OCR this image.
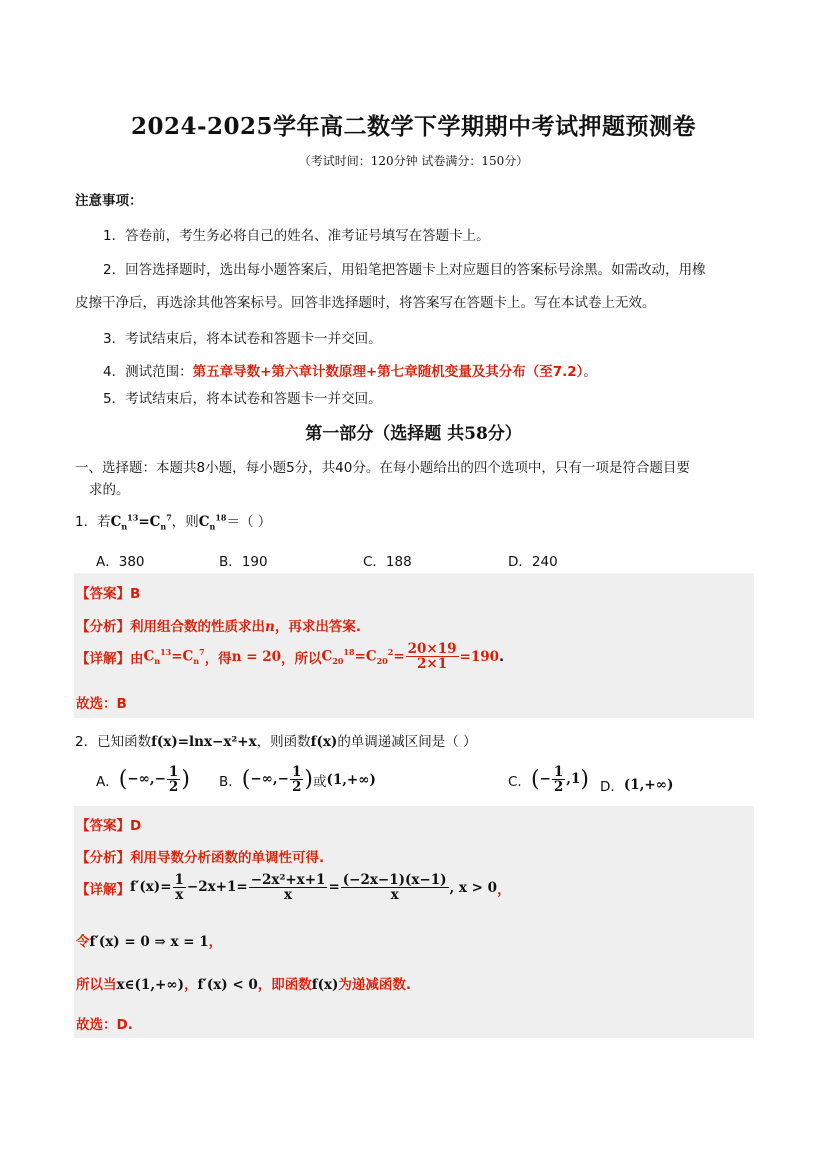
2024-2025学年高二数学下学期期中考试押题预测卷
（考试时间：120分钟 试卷满分：150分）
注意事项：
1．答卷前，考生务必将自己的姓名、准考证号填写在答题卡上。
2．回答选择题时，选出每小题答案后，用铅笔把答题卡上对应题目的答案标号涂黑。如需改动，用橡
皮擦干净后，再选涂其他答案标号。回答非选择题时，将答案写在答题卡上。写在本试卷上无效。
3．考试结束后，将本试卷和答题卡一并交回。
4．测试范围：第五章导数+第六章计数原理+第七章随机变量及其分布（至7.2）。
5．考试结束后，将本试卷和答题卡一并交回。
第一部分（选择题 共58分）
一、选择题：本题共8小题，每小题5分，共40分。在每小题给出的四个选项中，只有一项是符合题目要
求的。
1．若$C_n^{13}=C_n^7$，则$C_n^{18}=$（ ）
A．380	B．190	C．188	D．240
【答案】B
【分析】利用组合数的性质求出n，再求出答案.
【详解】 由 $C_n^{13}=C_n^7$ ，得 n = 20 ，所以 $C_{20}^{18}=C_{20}^2= \frac{20\times 19}{2\times 1} =190$ .
故选：B
2．已知函数f(x)=lnx−x²+x，则函数f(x)的单调递减区间是（ ）
A． (−∞,− $\frac{1}{2}$ ) B． (−∞,− $\frac{1}{2}$ ) 或 (1,+∞)	C． (− $\frac{1}{2} ,1$) D． (1,+∞)
【答案】D
【分析】利用导数分析函数的单调性可得.
【详解】 $f'(x)= \frac{1}{x} -2x+1= \frac{\text{−2x²+x+1}}{x} = \frac{(-2x-1)(x-1)}{x}$ , x > 0 ，
令f′(x) = 0 ⇒ x = 1，
所以当x∈(1,+∞)，f′(x) < 0，即函数f(x)为递减函数.
故选：D.
